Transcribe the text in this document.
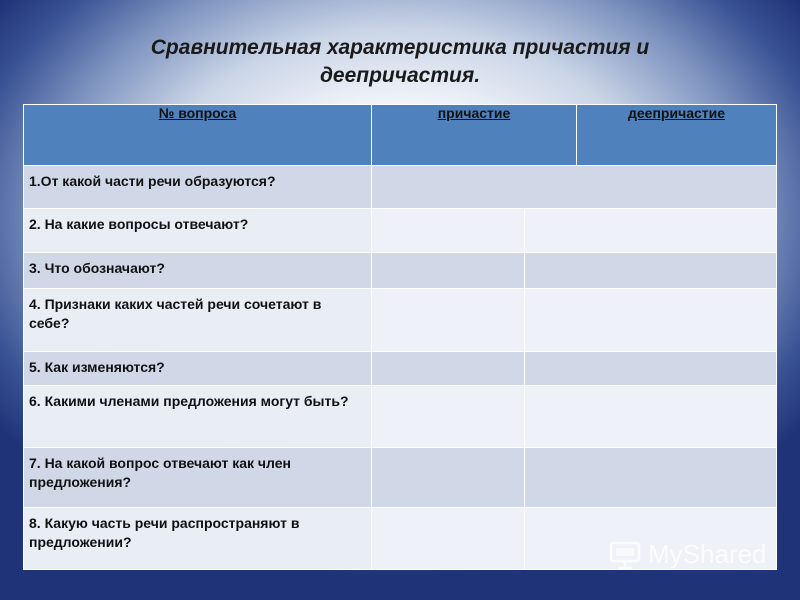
Сравнительная характеристика причастия и
деепричастия.
№ вопроса	причастие		деепричастие
1.От какой части речи образуются?			
2. На какие вопросы отвечают?			
3. Что обозначают?			
4. Признаки каких частей речи сочетают в себе?			
5. Как изменяются?			
6. Какими членами предложения могут быть?			
7. На какой вопрос отвечают как член предложения?			
8. Какую часть речи распространяют в предложении?				MyShared
